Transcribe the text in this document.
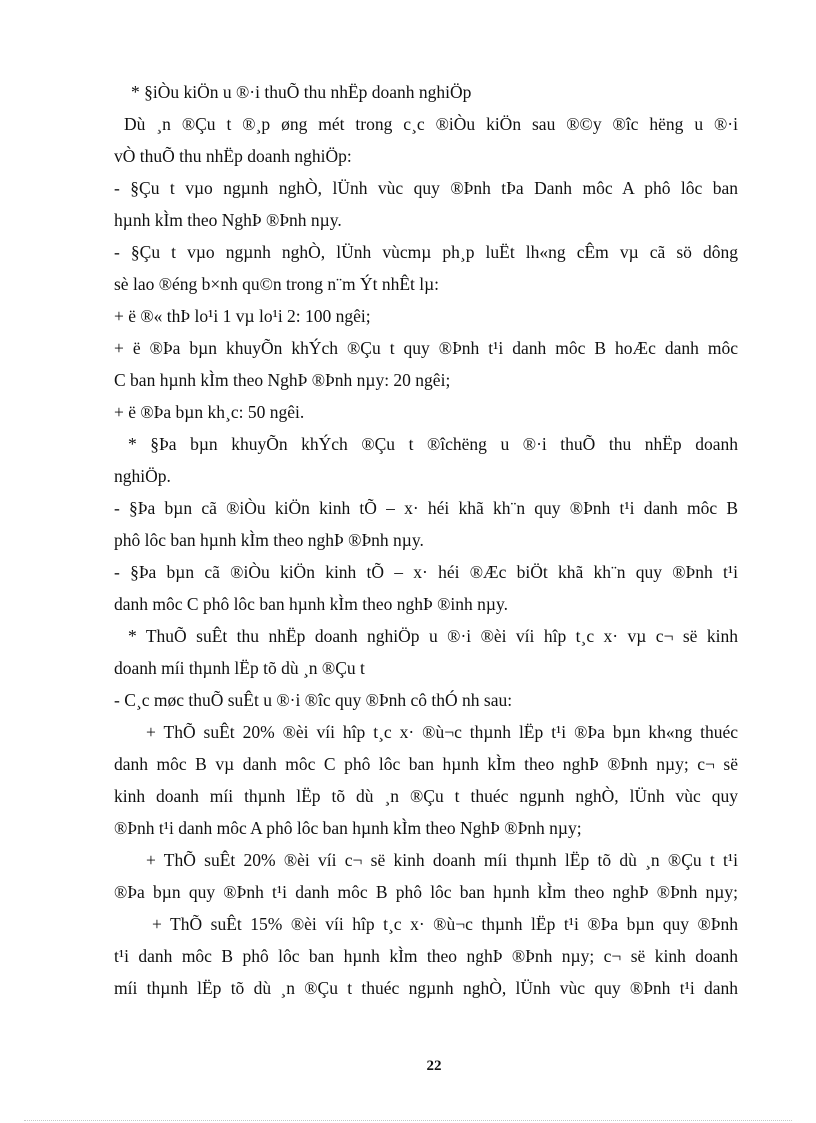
* §iÒu kiÖn u ®·i thuÕ thu nhËp doanh nghiÖp
Dù ¸n ®Çu t ®¸p øng mét trong c¸c ®iÒu kiÖn sau ®©y ®îc hëng u ®·i
vÒ thuÕ thu nhËp doanh nghiÖp:
- §Çu t vµo ngµnh nghÒ, lÜnh vùc quy ®Þnh tÞa Danh môc A phô lôc ban
hµnh kÌm theo NghÞ ®Þnh nµy.
- §Çu t vµo ngµnh nghÒ, lÜnh vùcmµ ph¸p luËt lh«ng cÊm vµ cã sö dông
sè lao ®éng b×nh qu©n trong n¨m Ýt nhÊt lµ:
+ ë ®« thÞ lo¹i 1 vµ lo¹i 2: 100 ngêi;
+ ë ®Þa bµn khuyÕn khÝch ®Çu t quy ®Þnh t¹i danh môc B hoÆc danh môc
C ban hµnh kÌm theo NghÞ ®Þnh nµy: 20 ngêi;
+ ë ®Þa bµn kh¸c: 50 ngêi.
* §Þa bµn khuyÕn khÝch ®Çu t ®îchëng u ®·i thuÕ thu nhËp doanh
nghiÖp.
- §Þa bµn cã ®iÒu kiÖn kinh tÕ – x· héi khã kh¨n quy ®Þnh t¹i danh môc B
phô lôc ban hµnh kÌm theo nghÞ ®Þnh nµy.
- §Þa bµn cã ®iÒu kiÖn kinh tÕ – x· héi ®Æc biÖt khã kh¨n quy ®Þnh t¹i
danh môc C phô lôc ban hµnh kÌm theo nghÞ ®inh nµy.
* ThuÕ suÊt thu nhËp doanh nghiÖp u ®·i ®èi víi hîp t¸c x· vµ c¬ së kinh
doanh míi thµnh lËp tõ dù ¸n ®Çu t
- C¸c møc thuÕ suÊt u ®·i ®îc quy ®Þnh cô thÓ nh sau:
+ ThÕ suÊt 20% ®èi víi hîp t¸c x· ®ù¬c thµnh lËp t¹i ®Þa bµn kh«ng thuéc
danh môc B vµ danh môc C phô lôc ban hµnh kÌm theo nghÞ ®Þnh nµy; c¬ së
kinh doanh míi thµnh lËp tõ dù ¸n ®Çu t thuéc ngµnh nghÒ, lÜnh vùc quy
®Þnh t¹i danh môc A phô lôc ban hµnh kÌm theo NghÞ ®Þnh nµy;
+ ThÕ suÊt 20% ®èi víi c¬ së kinh doanh míi thµnh lËp tõ dù ¸n ®Çu t t¹i
®Þa bµn quy ®Þnh t¹i danh môc B phô lôc ban hµnh kÌm theo nghÞ ®Þnh nµy;
+ ThÕ suÊt 15% ®èi víi hîp t¸c x· ®ù¬c thµnh lËp t¹i ®Þa bµn quy ®Þnh
t¹i danh môc B phô lôc ban hµnh kÌm theo nghÞ ®Þnh nµy; c¬ së kinh doanh
míi thµnh lËp tõ dù ¸n ®Çu t thuéc ngµnh nghÒ, lÜnh vùc quy ®Þnh t¹i danh
22
